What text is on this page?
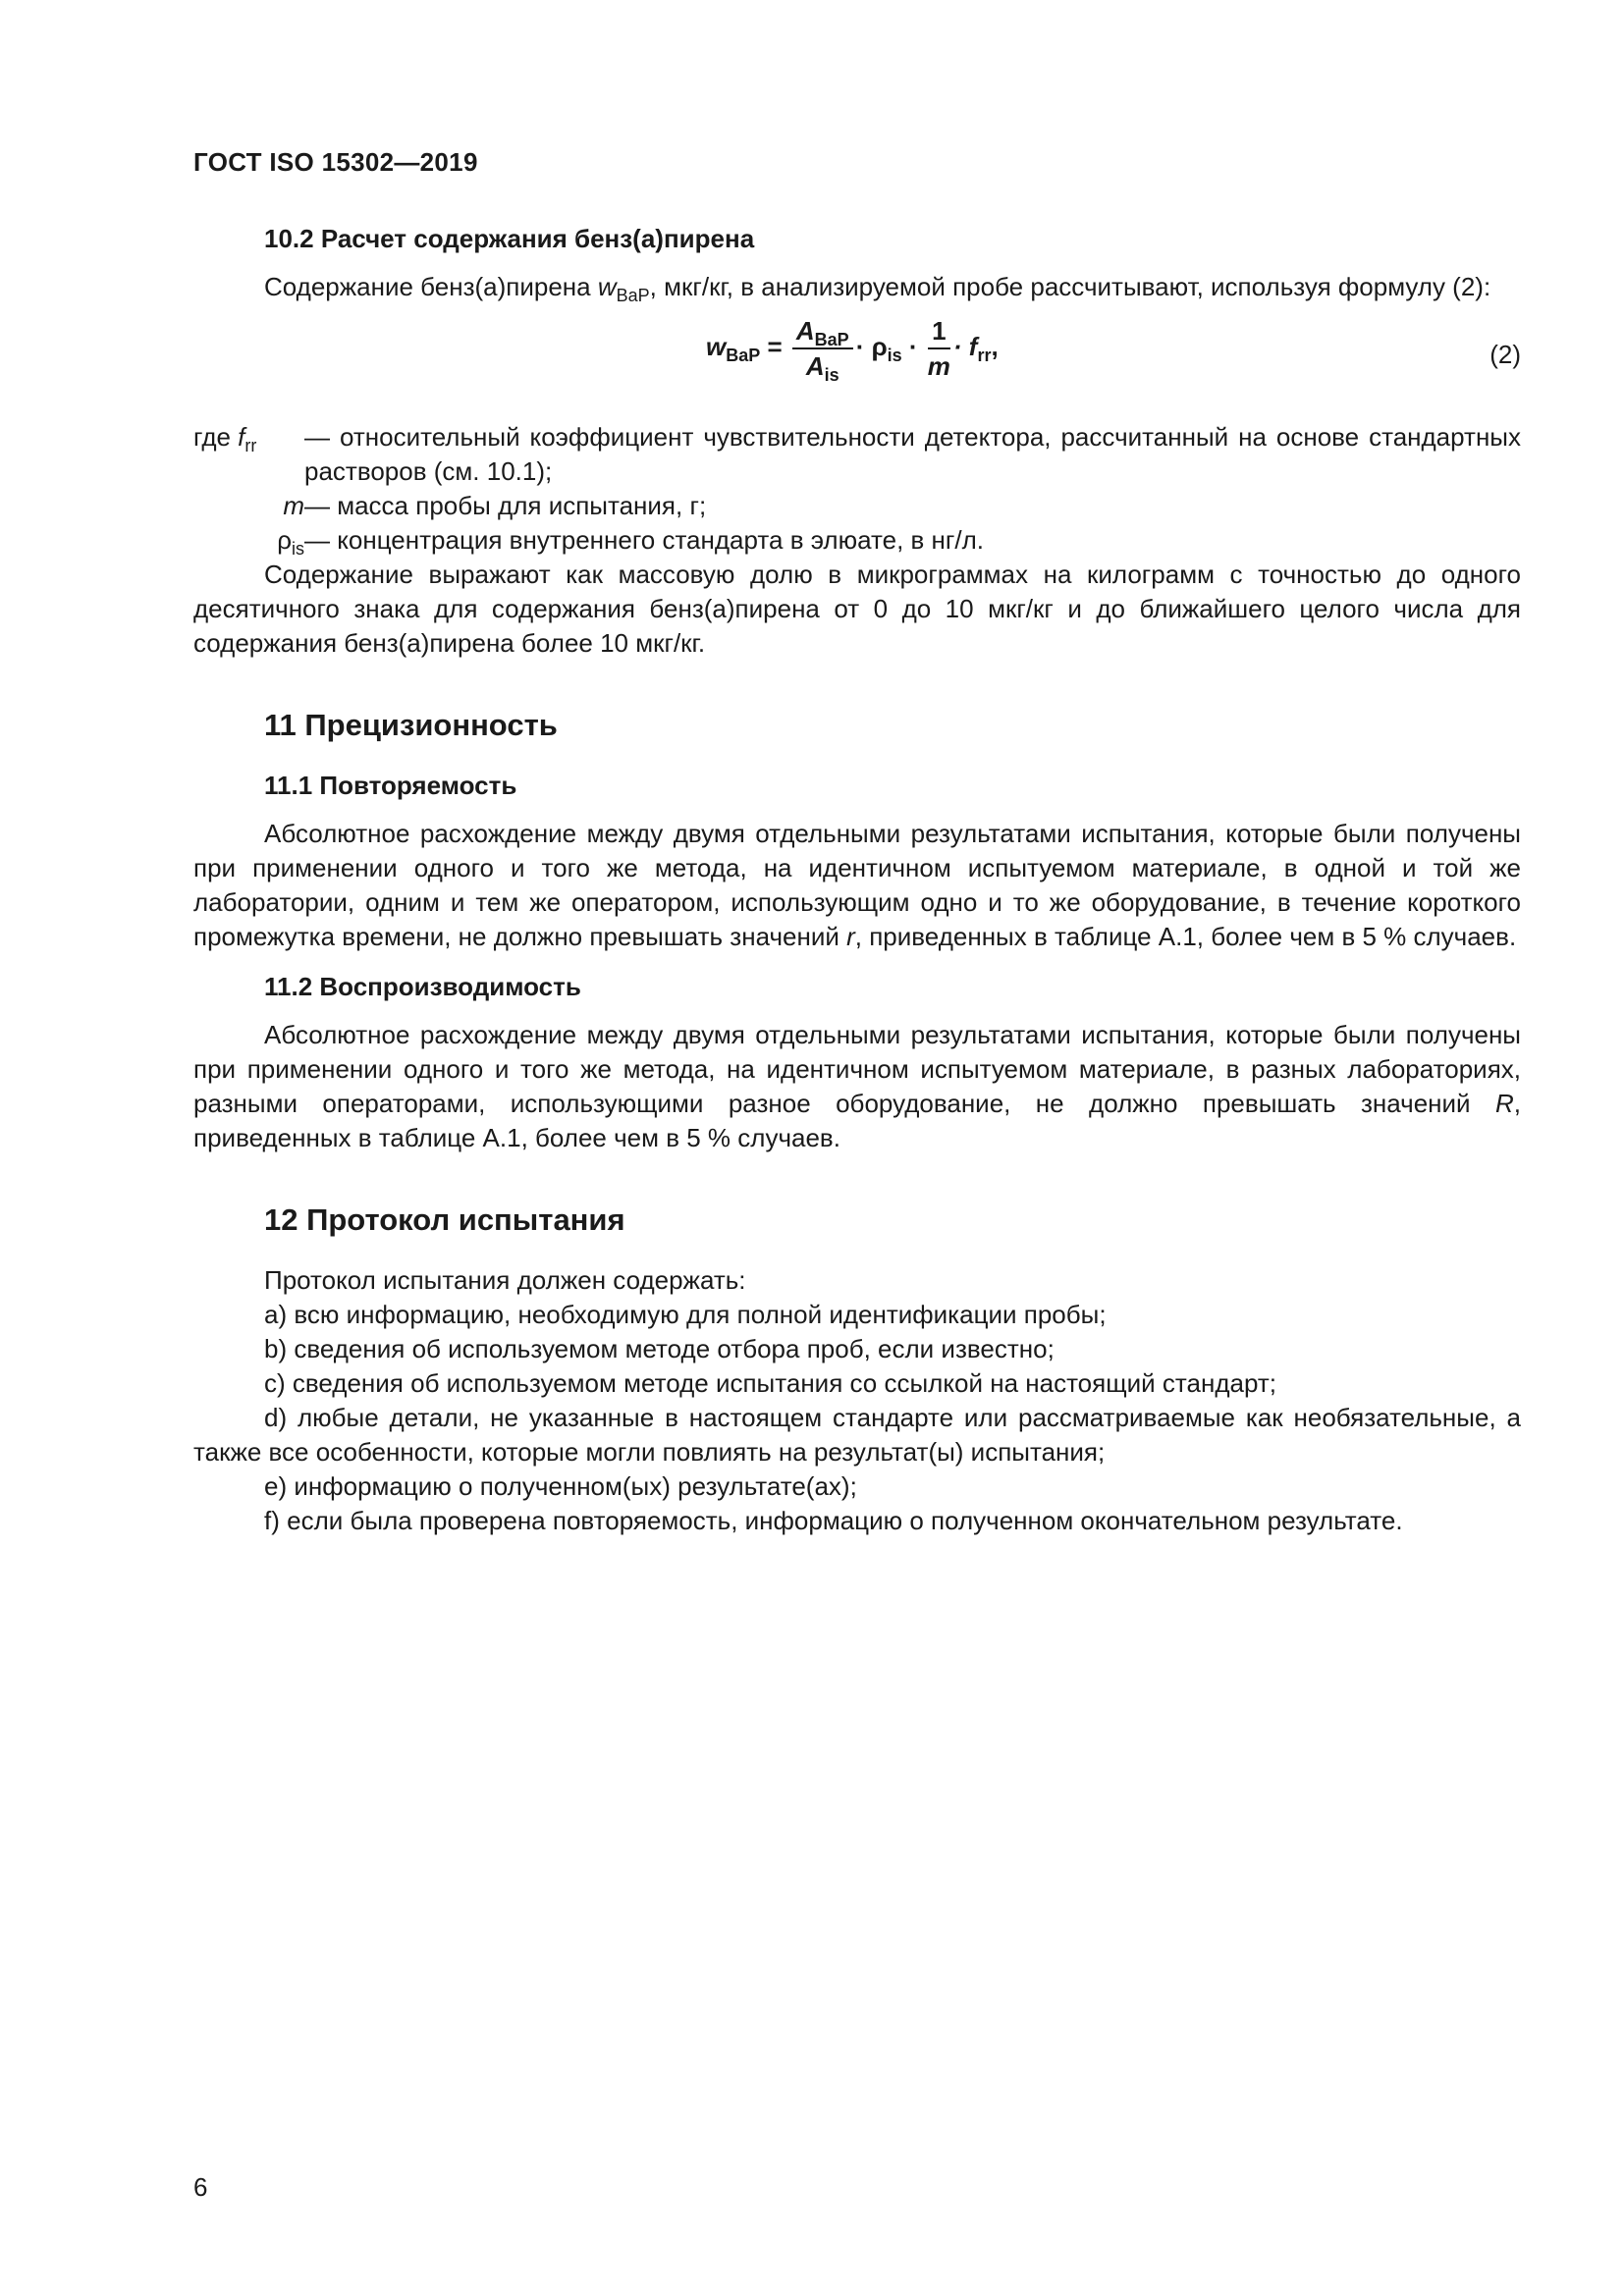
ГОСТ ISO 15302—2019
10.2 Расчет содержания бенз(а)пирена

Содержание бенз(а)пирена $w_{BaP}$, мкг/кг, в анализируемой пробе рассчитывают, используя формулу (2):

$w_{BaP} = \frac{A_{BaP}}{A_{is}} \cdot \rho_{is} \cdot \frac{1}{m} \cdot f_{rr}$,	(2)
где $f_{rr}$	— относительный коэффициент чувствительности детектора, рассчитанный на основе стандартных растворов (см. 10.1);
m — масса пробы для испытания, г;
$\rho_{is}$ — концентрация внутреннего стандарта в элюате, в нг/л.

Содержание выражают как массовую долю в микрограммах на килограмм с точностью до одного десятичного знака для содержания бенз(а)пирена от 0 до 10 мкг/кг и до ближайшего целого числа для содержания бенз(а)пирена более 10 мкг/кг.

11 Прецизионность
11.1 Повторяемость

Абсолютное расхождение между двумя отдельными результатами испытания, которые были получены при применении одного и того же метода, на идентичном испытуемом материале, в одной и той же лаборатории, одним и тем же оператором, использующим одно и то же оборудование, в течение короткого промежутка времени, не должно превышать значений r, приведенных в таблице А.1, более чем в 5 % случаев.

11.2 Воспроизводимость

Абсолютное расхождение между двумя отдельными результатами испытания, которые были получены при применении одного и того же метода, на идентичном испытуемом материале, в разных лабораториях, разными операторами, использующими разное оборудование, не должно превышать значений R, приведенных в таблице А.1, более чем в 5 % случаев.

12 Протокол испытания

Протокол испытания должен содержать:

а) всю информацию, необходимую для полной идентификации пробы;

b) сведения об используемом методе отбора проб, если известно;

c) сведения об используемом методе испытания со ссылкой на настоящий стандарт;

d) любые детали, не указанные в настоящем стандарте или рассматриваемые как необязательные, а также все особенности, которые могли повлиять на результат(ы) испытания;

e) информацию о полученном(ых) результате(ах);

f) если была проверена повторяемость, информацию о полученном окончательном результате.

6
